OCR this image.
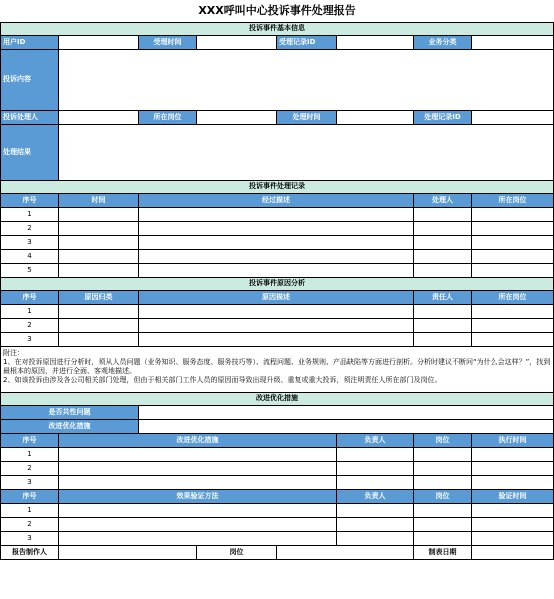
XXX呼叫中心投诉事件处理报告							
投诉事件基本信息							
用户ID		受理时间		受理记录ID		业务分类	
投诉内容							
投诉处理人		所在岗位		处理时间		处理记录ID	
处理结果							
投诉事件处理记录							
序号	时间	经过描述				处理人	所在岗位
1							
2							
3							
4							
5							
投诉事件原因分析							
序号	原因归类	原因描述				责任人	所在岗位
1							
2							
3							

附注：

1、在对投诉原因进行分析时，须从人员问题（业务知识、服务态度、服务技巧等）、流程问题、业务规则、产品缺陷等方面进行剖析。分析时建议不断问“为什么会这样？”，找到最根本的原因，并进行全面、客观地描述。

2、如该投诉由涉及各公司相关部门处理，但由于相关部门工作人员的原因而导致出现升级、重复或重大投诉，须注明责任人所在部门及岗位。							

改进优化措施							
是否共性问题							
改进优化措施							
序号	改进优化措施				负责人	岗位	执行时间
1							
2							
3							
序号	效果验证方法				负责人	岗位	验证时间
1							
2							
3							
报告制作人			岗位			制表日期	
